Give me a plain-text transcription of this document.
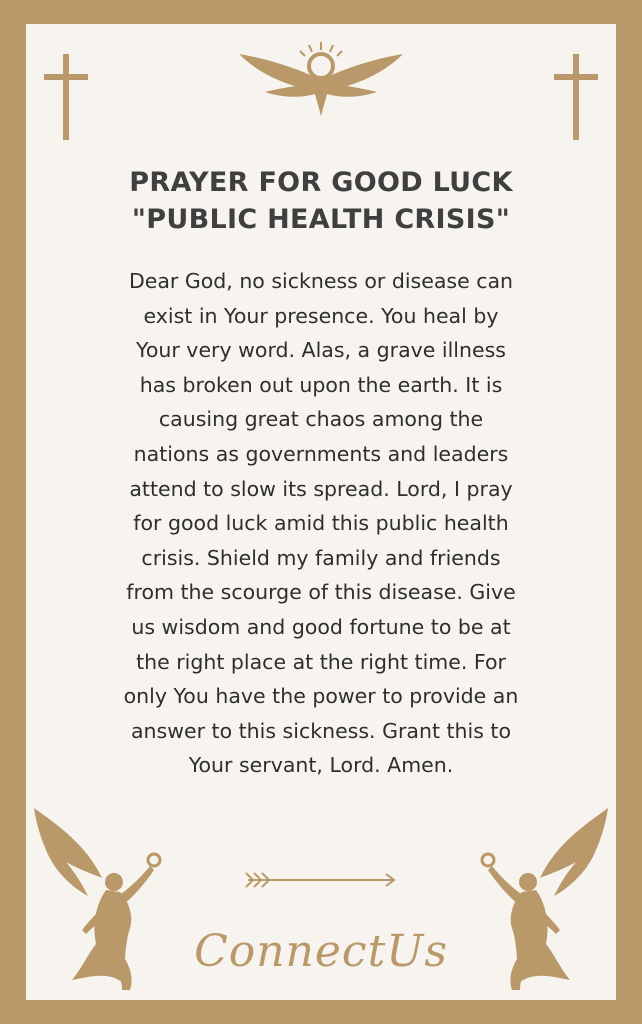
PRAYER FOR GOOD LUCK
"PUBLIC HEALTH CRISIS"
Dear God, no sickness or disease can
exist in Your presence. You heal by
Your very word. Alas, a grave illness
has broken out upon the earth. It is
causing great chaos among the
nations as governments and leaders
attend to slow its spread. Lord, I pray
for good luck amid this public health
crisis. Shield my family and friends
from the scourge of this disease. Give
us wisdom and good fortune to be at
the right place at the right time. For
only You have the power to provide an
answer to this sickness. Grant this to
Your servant, Lord. Amen.
ConnectUs
